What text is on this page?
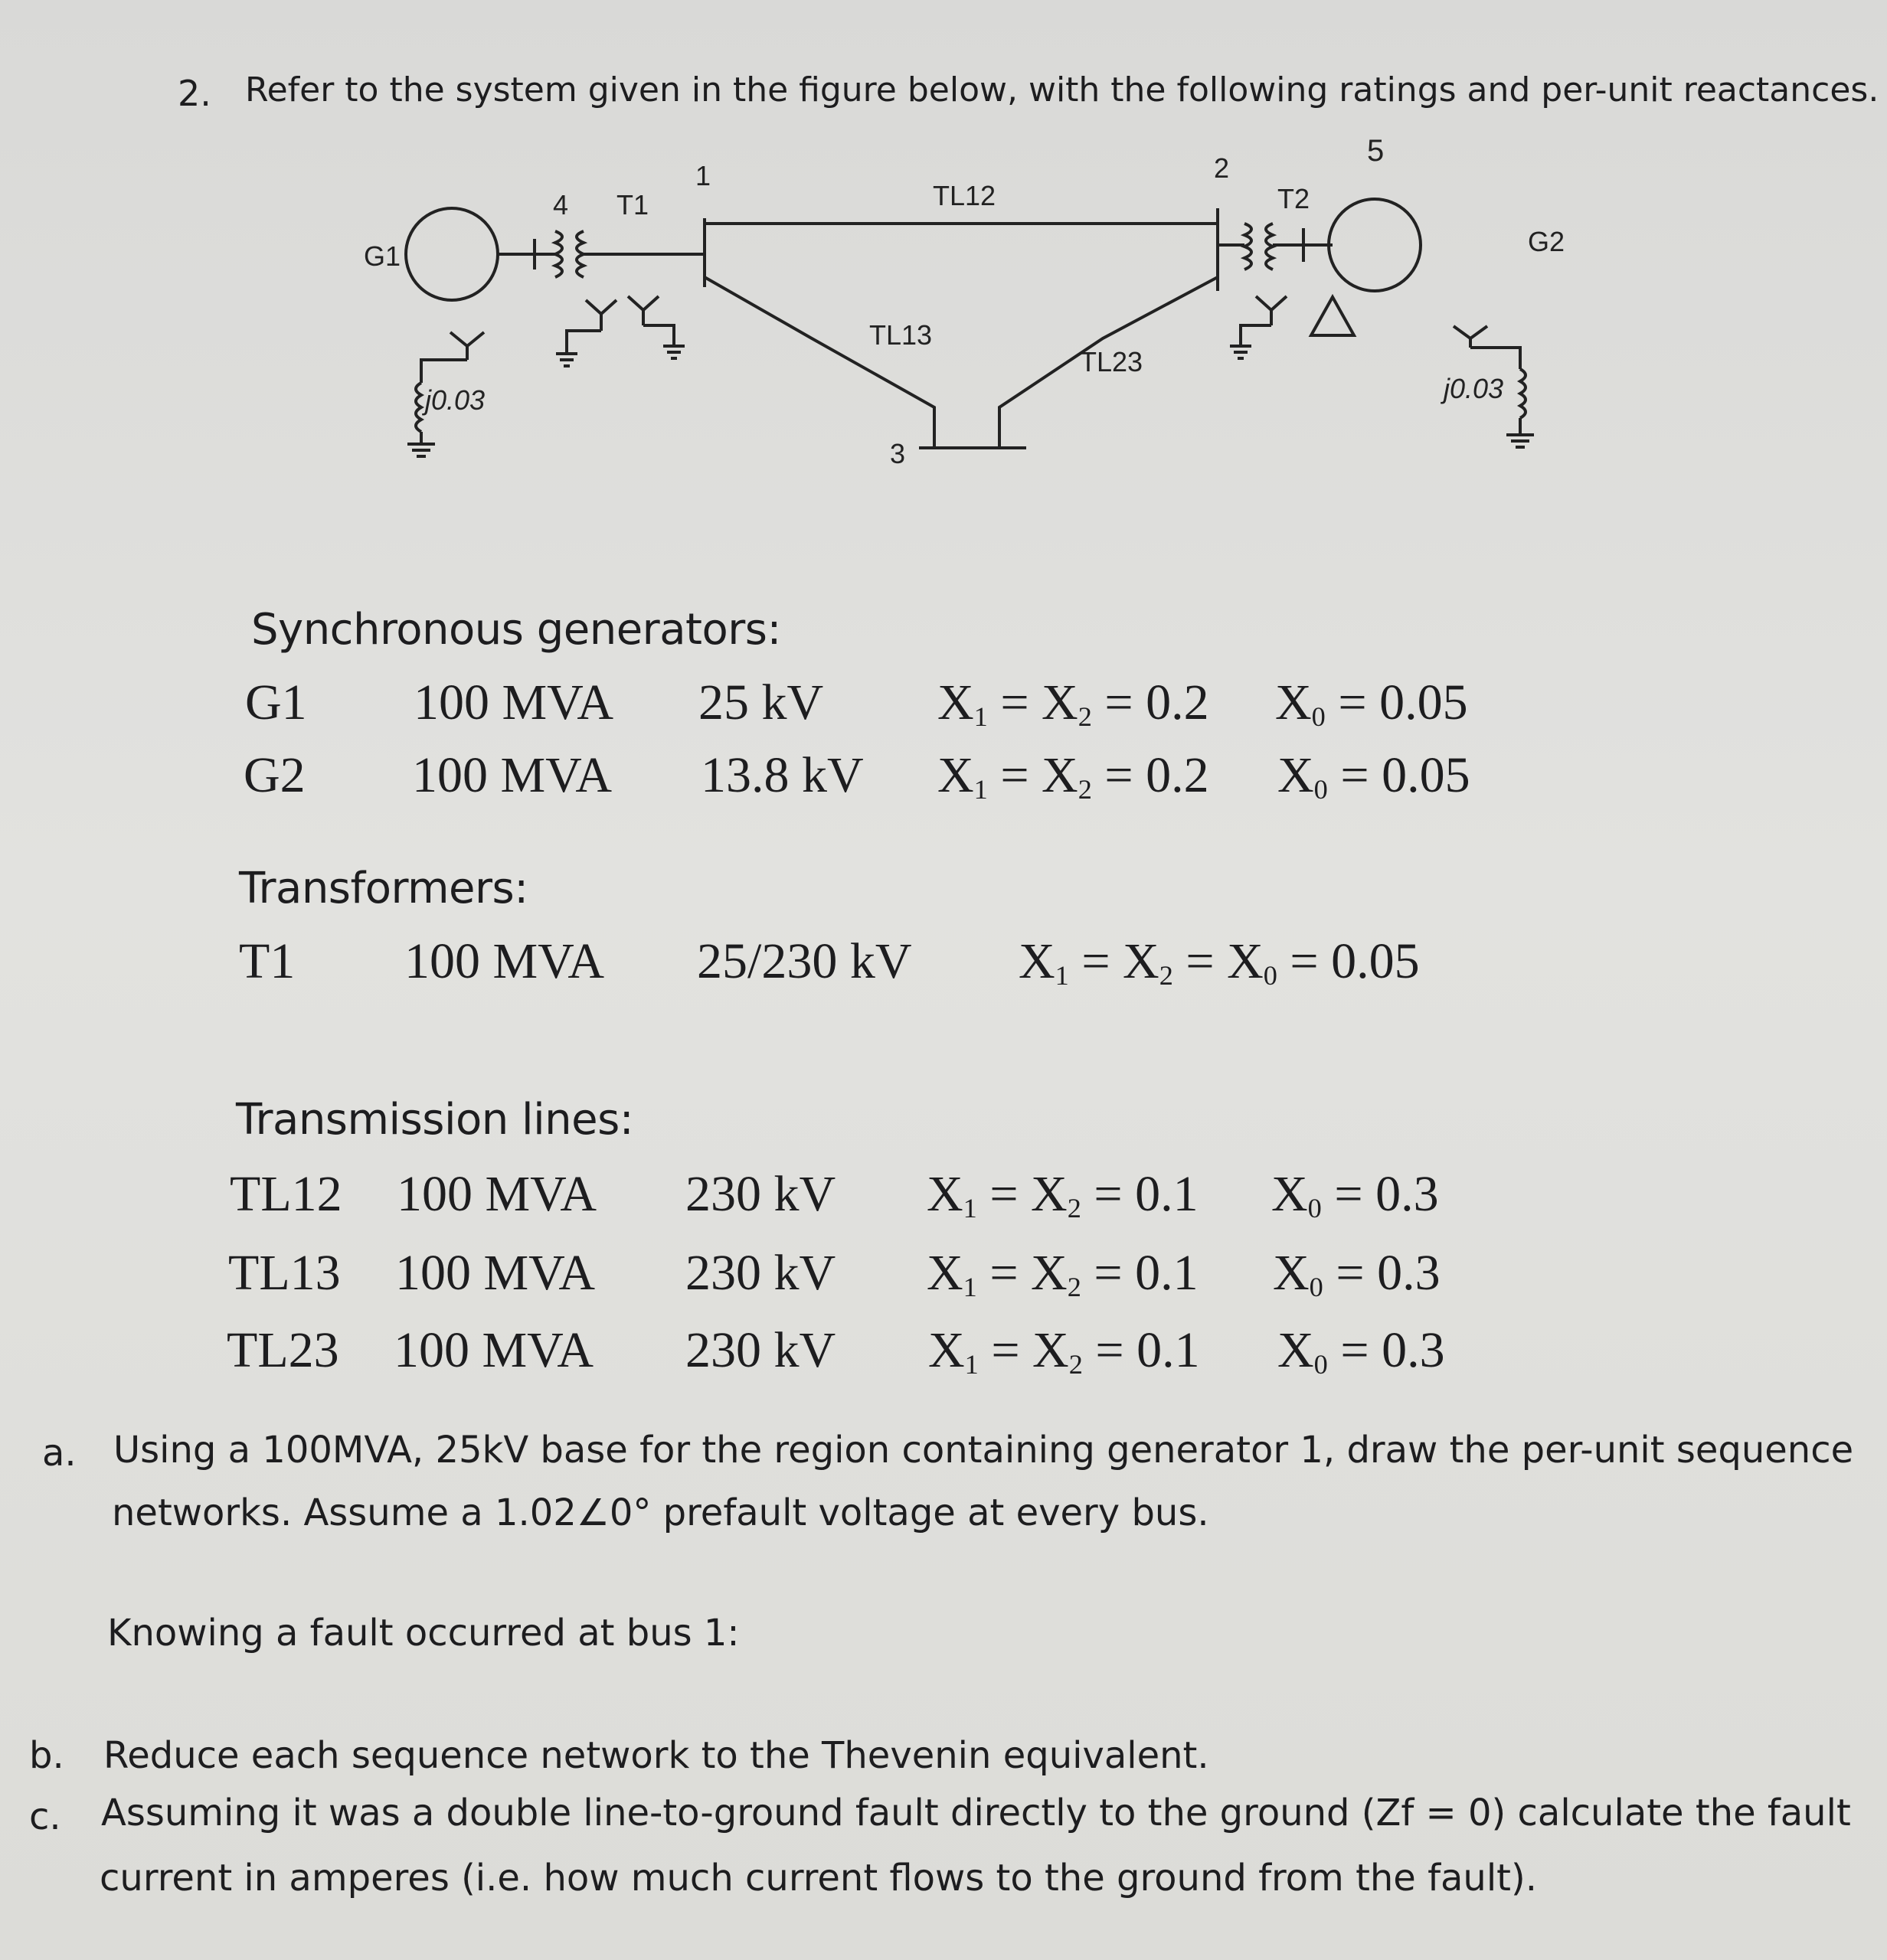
2. Refer to the system given in the figure below, with the following ratings and per-unit reactances.
G1
4 T1
1
TL12
2
5
T2
G2
TL13
TL23
3
j0.03	j0.03
Synchronous generators:
G1 100 MVA 25 kV $X_1 = X_2 = 0.2$ $X_0 = 0.05$
G2 100 MVA 13.8 kV $X_1 = X_2 = 0.2$ $X_0 = 0.05$
Transformers:
T1 100 MVA 25/230 kV $X_1 = X_2 = X_0 = 0.05$
Transmission lines:
TL12 100 MVA 230 kV $X_1 = X_2 = 0.1$ $X_0 = 0.3$
TL13 100 MVA 230 kV $X_1 = X_2 = 0.1$ $X_0 = 0.3$
TL23 100 MVA 230 kV $X_1 = X_2 = 0.1$ $X_0 = 0.3$
a. Using a 100MVA, 25kV base for the region containing generator 1, draw the per-unit sequence
networks. Assume a 1.02∠0° prefault voltage at every bus.
Knowing a fault occurred at bus 1:
b. Reduce each sequence network to the Thevenin equivalent.
c. Assuming it was a double line-to-ground fault directly to the ground (Zf = 0) calculate the fault
current in amperes (i.e. how much current flows to the ground from the fault).
